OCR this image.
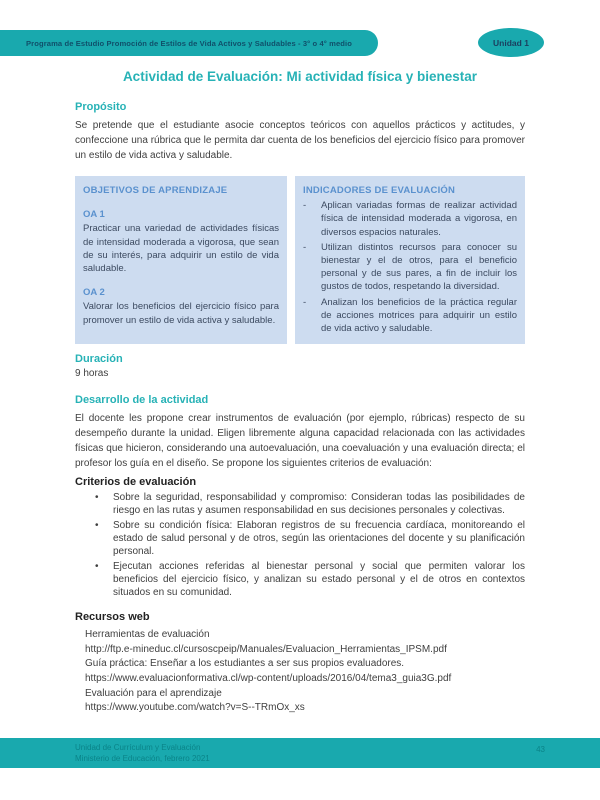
Programa de Estudio Promoción de Estilos de Vida Activos y Saludables - 3° o 4° medio	Unidad 1
Actividad de Evaluación: Mi actividad física y bienestar
Propósito

Se pretende que el estudiante asocie conceptos teóricos con aquellos prácticos y actitudes, y confeccione una rúbrica que le permita dar cuenta de los beneficios del ejercicio físico para promover un estilo de vida activa y saludable.

OBJETIVOS DE APRENDIZAJE
OA 1
Practicar una variedad de actividades físicas de intensidad moderada a vigorosa, que sean de su interés, para adquirir un estilo de vida saludable.
OA 2
Valorar los beneficios del ejercicio físico para promover un estilo de vida activa y saludable.
INDICADORES DE EVALUACIÓN
-
Aplican variadas formas de realizar actividad física de intensidad moderada a vigorosa, en diversos espacios naturales.
-
Utilizan distintos recursos para conocer su bienestar y el de otros, para el beneficio personal y de sus pares, a fin de incluir los gustos de todos, respetando la diversidad.
-
Analizan los beneficios de la práctica regular de acciones motrices para adquirir un estilo de vida activo y saludable.
Duración
9 horas
Desarrollo de la actividad

El docente les propone crear instrumentos de evaluación (por ejemplo, rúbricas) respecto de su desempeño durante la unidad. Eligen libremente alguna capacidad relacionada con las actividades físicas que hicieron, considerando una autoevaluación, una coevaluación y una evaluación directa; el profesor los guía en el diseño. Se propone los siguientes criterios de evaluación:

Criterios de evaluación
•
Sobre la seguridad, responsabilidad y compromiso: Consideran todas las posibilidades de riesgo en las rutas y asumen responsabilidad en sus decisiones personales y colectivas.
•
Sobre su condición física: Elaboran registros de su frecuencia cardíaca, monitoreando el estado de salud personal y de otros, según las orientaciones del docente y su planificación personal.
•
Ejecutan acciones referidas al bienestar personal y social que permiten valorar los beneficios del ejercicio físico, y analizan su estado personal y el de otros en contextos situados en su comunidad.
Recursos web
Herramientas de evaluación
http://ftp.e-mineduc.cl/cursoscpeip/Manuales/Evaluacion_Herramientas_IPSM.pdf
Guía práctica: Enseñar a los estudiantes a ser sus propios evaluadores.
https://www.evaluacionformativa.cl/wp-content/uploads/2016/04/tema3_guia3G.pdf
Evaluación para el aprendizaje
https://www.youtube.com/watch?v=S--TRmOx_xs
Unidad de Currículum y Evaluación
Ministerio de Educación, febrero 2021
43
